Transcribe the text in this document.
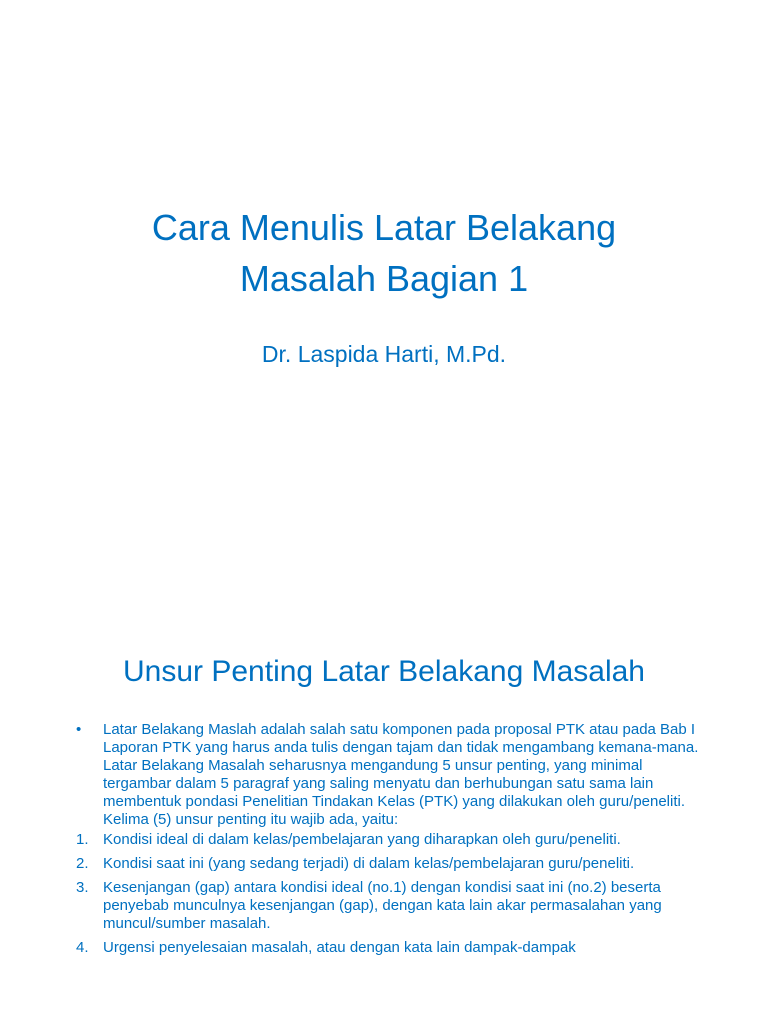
Cara Menulis Latar Belakang
Masalah Bagian 1
Dr. Laspida Harti, M.Pd.
Unsur Penting Latar Belakang Masalah
• Latar Belakang Maslah adalah salah satu komponen pada proposal PTK atau pada Bab I Laporan PTK yang harus anda tulis dengan tajam dan tidak mengambang kemana-mana. Latar Belakang Masalah seharusnya mengandung 5 unsur penting, yang minimal tergambar dalam 5 paragraf yang saling menyatu dan berhubungan satu sama lain membentuk pondasi Penelitian Tindakan Kelas (PTK) yang dilakukan oleh guru/peneliti. Kelima (5) unsur penting itu wajib ada, yaitu:
1. Kondisi ideal di dalam kelas/pembelajaran yang diharapkan oleh guru/peneliti.
2. Kondisi saat ini (yang sedang terjadi) di dalam kelas/pembelajaran guru/peneliti.
3. Kesenjangan (gap) antara kondisi ideal (no.1) dengan kondisi saat ini (no.2) beserta penyebab munculnya kesenjangan (gap), dengan kata lain akar permasalahan yang muncul/sumber masalah.
4. Urgensi penyelesaian masalah, atau dengan kata lain dampak-dampak
